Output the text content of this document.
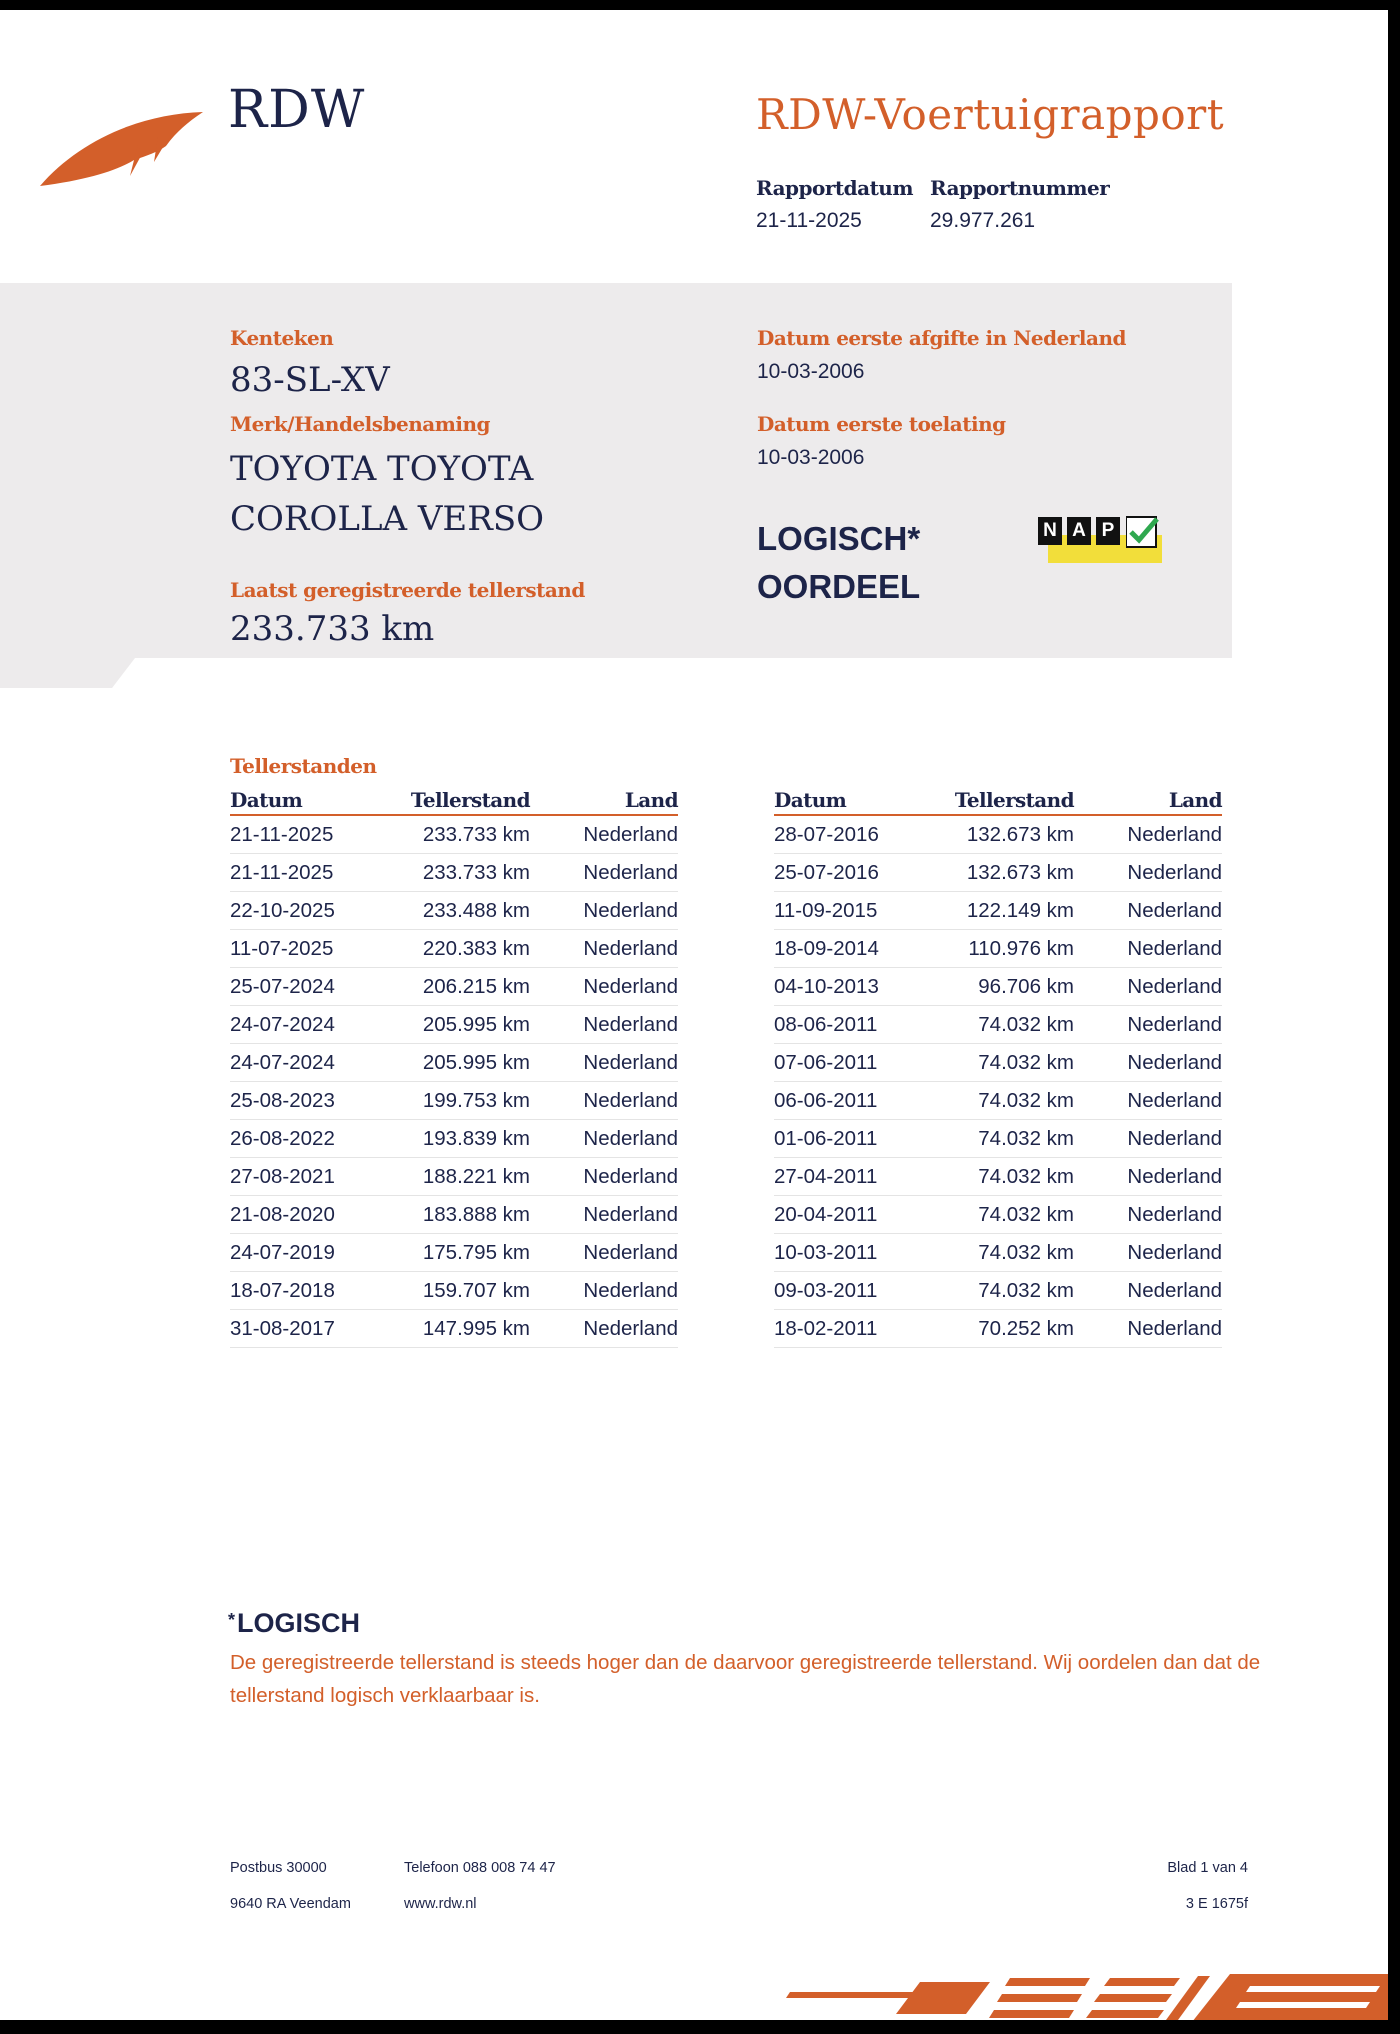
RDW	RDW-Voertuigrapport
Rapportdatum
21-11-2025
Rapportnummer
29.977.261
Kenteken
83-SL-XV
Merk/Handelsbenaming
TOYOTA TOYOTA
COROLLA VERSO
Laatst geregistreerde tellerstand
233.733 km
Datum eerste afgifte in Nederland
10-03-2006
Datum eerste toelating
10-03-2006
LOGISCH*
OORDEEL
N A P
Tellerstanden
Datum	Tellerstand	Land
21-11-2025	233.733 km	Nederland
21-11-2025	233.733 km	Nederland
22-10-2025	233.488 km	Nederland
11-07-2025	220.383 km	Nederland
25-07-2024	206.215 km	Nederland
24-07-2024	205.995 km	Nederland
24-07-2024	205.995 km	Nederland
25-08-2023	199.753 km	Nederland
26-08-2022	193.839 km	Nederland
27-08-2021	188.221 km	Nederland
21-08-2020	183.888 km	Nederland
24-07-2019	175.795 km	Nederland
18-07-2018	159.707 km	Nederland
31-08-2017	147.995 km	Nederland
Datum	Tellerstand	Land
28-07-2016	132.673 km	Nederland
25-07-2016	132.673 km	Nederland
11-09-2015	122.149 km	Nederland
18-09-2014	110.976 km	Nederland
04-10-2013	96.706 km	Nederland
08-06-2011	74.032 km	Nederland
07-06-2011	74.032 km	Nederland
06-06-2011	74.032 km	Nederland
01-06-2011	74.032 km	Nederland
27-04-2011	74.032 km	Nederland
20-04-2011	74.032 km	Nederland
10-03-2011	74.032 km	Nederland
09-03-2011	74.032 km	Nederland
18-02-2011	70.252 km	Nederland
*LOGISCH
De geregistreerde tellerstand is steeds hoger dan de daarvoor geregistreerde tellerstand. Wij oordelen dan dat de tellerstand logisch verklaarbaar is.
Postbus 30000
9640 RA Veendam
Telefoon 088 008 74 47
www.rdw.nl
Blad 1 van 4
3 E 1675f
